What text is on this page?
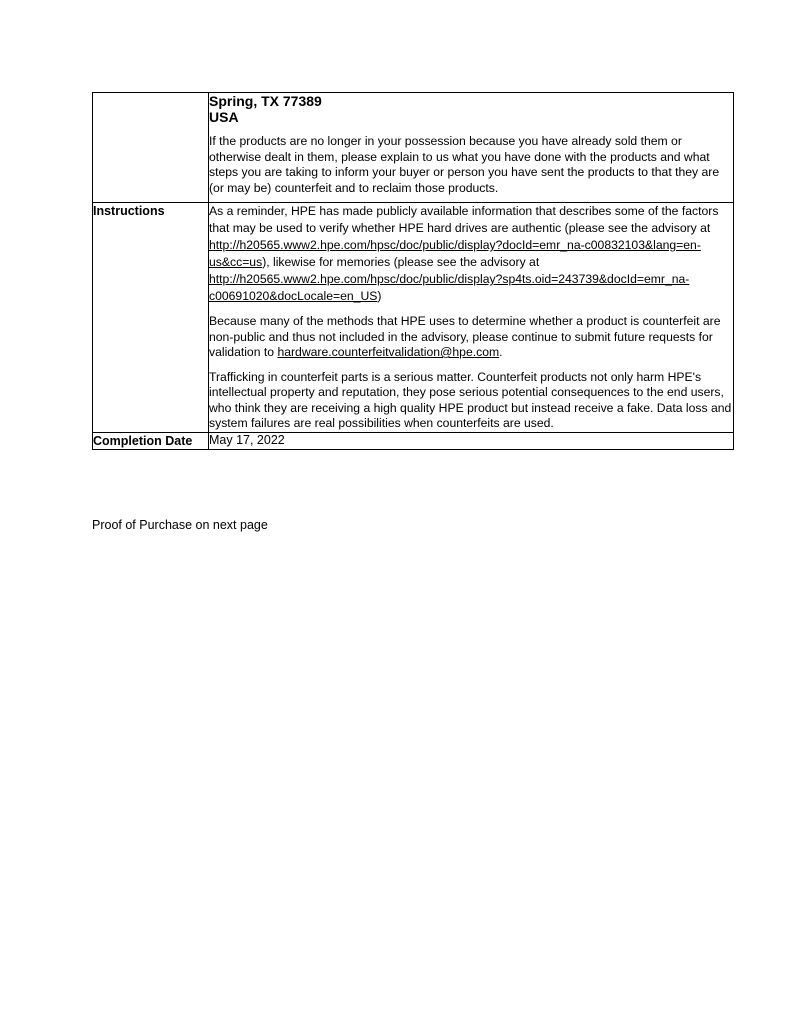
	Spring, TX 77389
USA
If the products are no longer in your possession because you have already sold them or otherwise dealt in them, please explain to us what you have done with the products and what steps you are taking to inform your buyer or person you have sent the products to that they are (or may be) counterfeit and to reclaim those products.

Instructions	As a reminder, HPE has made publicly available information that describes some of the factors that may be used to verify whether HPE hard drives are authentic (please see the advisory at http://h20565.www2.hpe.com/hpsc/doc/public/display?docId=emr_na-c00832103&lang=en-us&cc=us), likewise for memories (please see the advisory at http://h20565.www2.hpe.com/hpsc/doc/public/display?sp4ts.oid=243739&docId=emr_na-c00691020&docLocale=en_US)
Because many of the methods that HPE uses to determine whether a product is counterfeit are non-public and thus not included in the advisory, please continue to submit future requests for validation to hardware.counterfeitvalidation@hpe.com.
Trafficking in counterfeit parts is a serious matter. Counterfeit products not only harm HPE's intellectual property and reputation, they pose serious potential consequences to the end users, who think they are receiving a high quality HPE product but instead receive a fake. Data loss and system failures are real possibilities when counterfeits are used.

Completion Date	May 17, 2022
Proof of Purchase on next page
